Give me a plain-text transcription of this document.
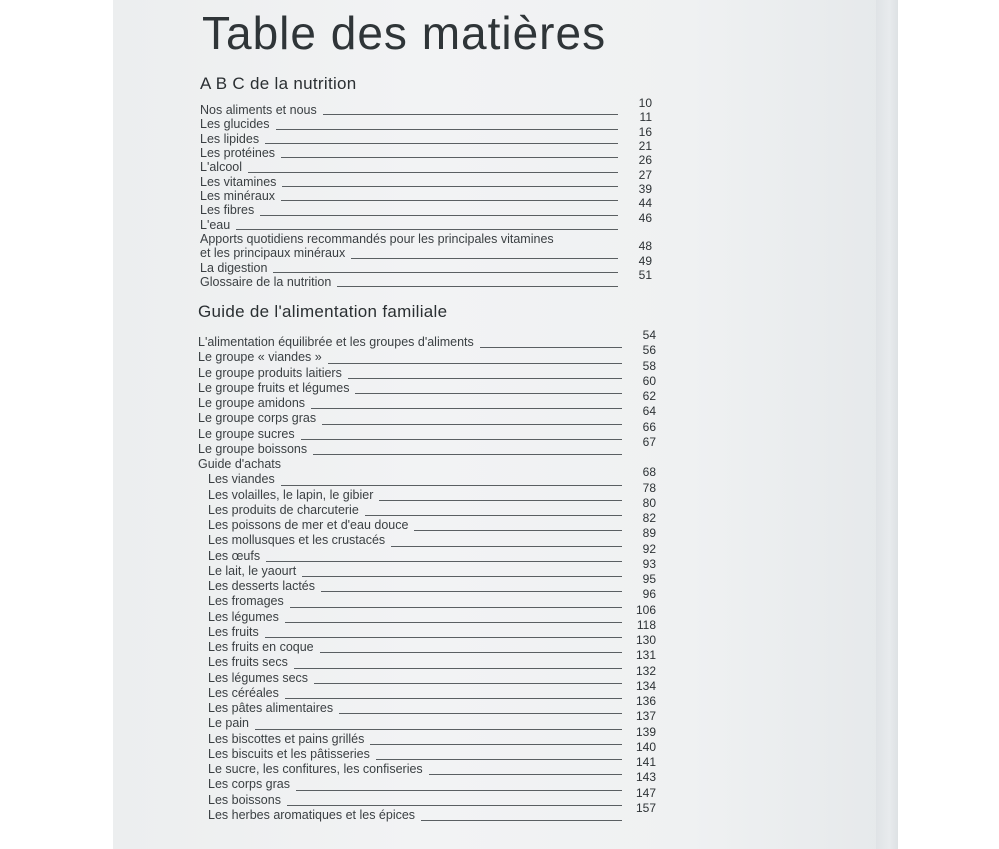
Table des matières
A B C de la nutrition
Nos aliments et nous	10
Les glucides	11
Les lipides	16
Les protéines	21
L'alcool	26
Les vitamines	27
Les minéraux	39
Les fibres	44
L'eau	46
Apports quotidiens recommandés pour les principales vitamines
et les principaux minéraux	48
La digestion	49
Glossaire de la nutrition	51
Guide de l'alimentation familiale
L'alimentation équilibrée et les groupes d'aliments	54
Le groupe « viandes »	56
Le groupe produits laitiers	58
Le groupe fruits et légumes	60
Le groupe amidons	62
Le groupe corps gras	64
Le groupe sucres	66
Le groupe boissons	67
Guide d'achats
Les viandes	68
Les volailles, le lapin, le gibier	78
Les produits de charcuterie	80
Les poissons de mer et d'eau douce	82
Les mollusques et les crustacés	89
Les œufs	92
Le lait, le yaourt	93
Les desserts lactés	95
Les fromages	96
Les légumes	106
Les fruits	118
Les fruits en coque	130
Les fruits secs	131
Les légumes secs	132
Les céréales	134
Les pâtes alimentaires	136
Le pain	137
Les biscottes et pains grillés	139
Les biscuits et les pâtisseries	140
Le sucre, les confitures, les confiseries	141
Les corps gras	143
Les boissons	147
Les herbes aromatiques et les épices	157
